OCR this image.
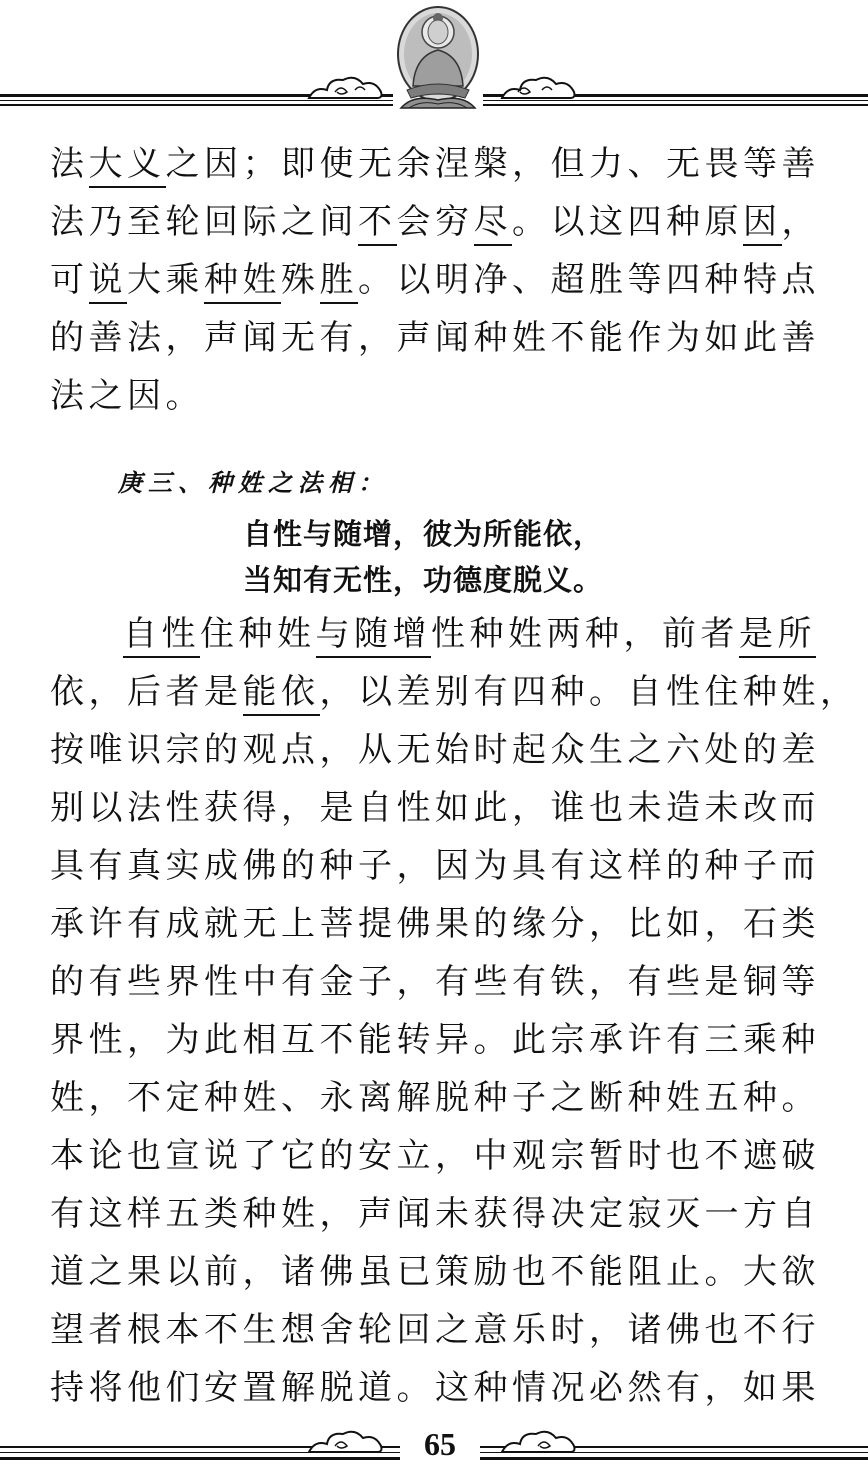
法大义之因；即使无余涅槃，但力、无畏等善
法乃至轮回际之间不会穷尽。以这四种原因，
可说大乘种姓殊胜。以明净、超胜等四种特点
的善法，声闻无有，声闻种姓不能作为如此善
法之因。
庚三、种姓之法相：
自性与随增，彼为所能依，
当知有无性，功德度脱义。
自性住种姓与随增性种姓两种，前者是所
依，后者是能依，以差别有四种。自性住种姓，
按唯识宗的观点，从无始时起众生之六处的差
别以法性获得，是自性如此，谁也未造未改而
具有真实成佛的种子，因为具有这样的种子而
承许有成就无上菩提佛果的缘分，比如，石类
的有些界性中有金子，有些有铁，有些是铜等
界性，为此相互不能转异。此宗承许有三乘种
姓，不定种姓、永离解脱种子之断种姓五种。
本论也宣说了它的安立，中观宗暂时也不遮破
有这样五类种姓，声闻未获得决定寂灭一方自
道之果以前，诸佛虽已策励也不能阻止。大欲
望者根本不生想舍轮回之意乐时，诸佛也不行
持将他们安置解脱道。这种情况必然有，如果
65
